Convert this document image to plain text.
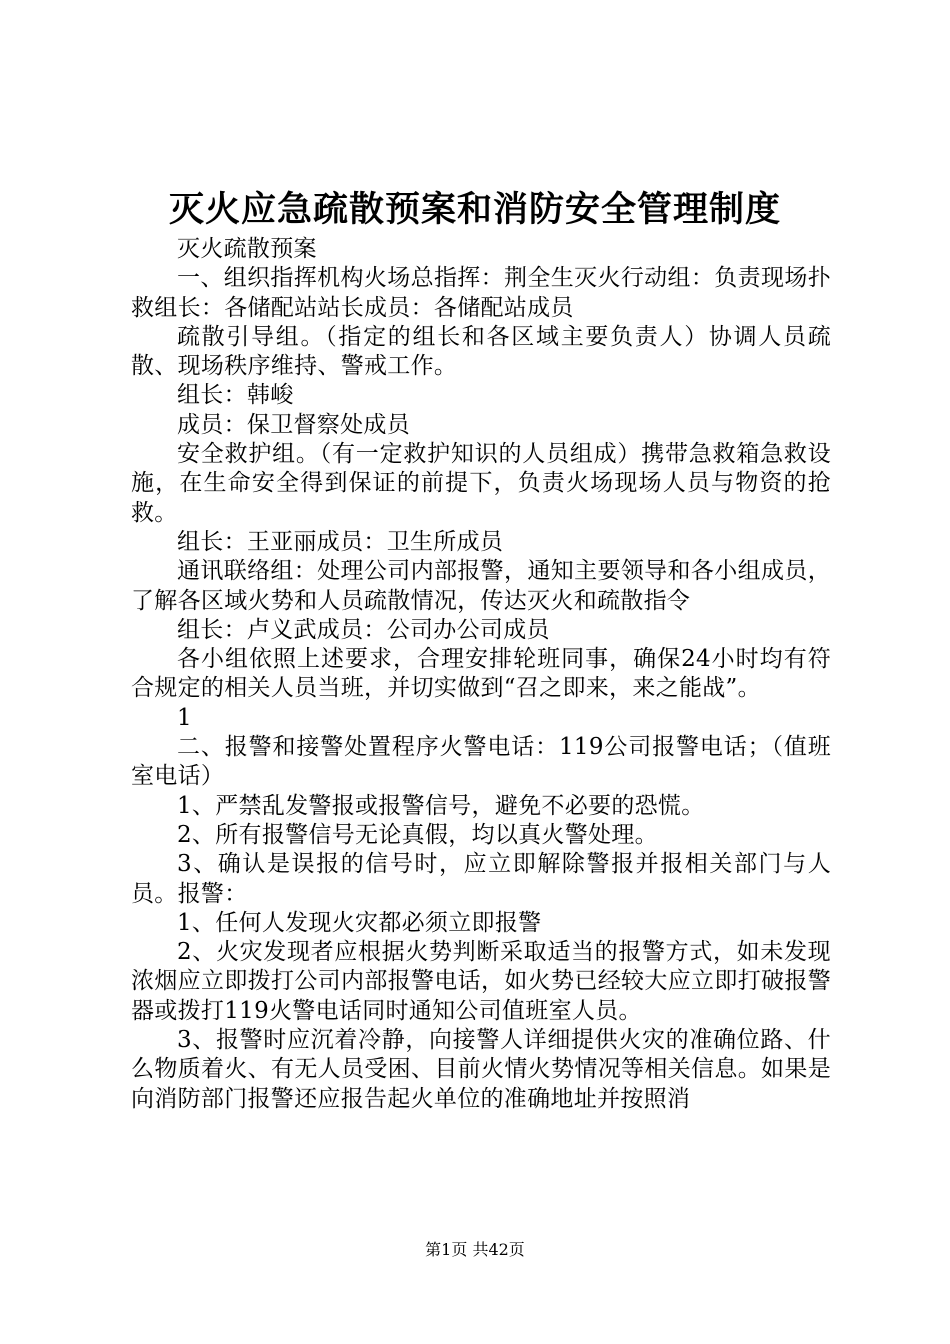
灭火应急疏散预案和消防安全管理制度

灭火疏散预案

一、组织指挥机构火场总指挥：荆全生灭火行动组：负责现场扑救组长：各储配站站长成员：各储配站成员

疏散引导组。（指定的组长和各区域主要负责人）协调人员疏散、现场秩序维持、警戒工作。

组长：韩峻

成员：保卫督察处成员

安全救护组。（有一定救护知识的人员组成）携带急救箱急救设施，在生命安全得到保证的前提下，负责火场现场人员与物资的抢救。

组长：王亚丽成员：卫生所成员

通讯联络组：处理公司内部报警，通知主要领导和各小组成员，了解各区域火势和人员疏散情况，传达灭火和疏散指令

组长：卢义武成员：公司办公司成员

各小组依照上述要求，合理安排轮班同事，确保24小时均有符合规定的相关人员当班，并切实做到“召之即来，来之能战”。

1

二、报警和接警处置程序火警电话：119公司报警电话；（值班室电话）

1、严禁乱发警报或报警信号，避免不必要的恐慌。

2、所有报警信号无论真假，均以真火警处理。

3、确认是误报的信号时，应立即解除警报并报相关部门与人员。报警：

1、任何人发现火灾都必须立即报警

2、火灾发现者应根据火势判断采取适当的报警方式，如未发现浓烟应立即拨打公司内部报警电话，如火势已经较大应立即打破报警器或拨打119火警电话同时通知公司值班室人员。

3、报警时应沉着冷静，向接警人详细提供火灾的准确位路、什么物质着火、有无人员受困、目前火情火势情况等相关信息。如果是向消防部门报警还应报告起火单位的准确地址并按照消

第1页 共42页
